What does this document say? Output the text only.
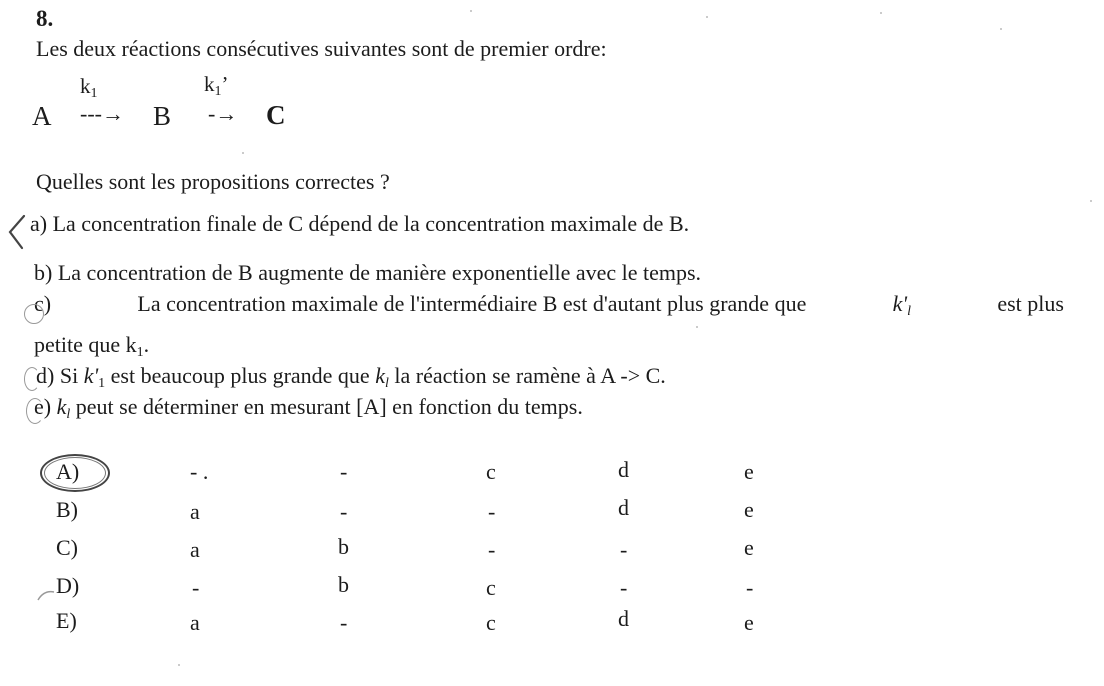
8.
Les deux réactions consécutives suivantes sont de premier ordre:
$k_1$	$k_1$’
A ---→ B -→ C
Quelles sont les propositions correctes ?
a) La concentration finale de C dépend de la concentration maximale de B.
b) La concentration de B augmente de manière exponentielle avec le temps.
c)	La concentration maximale de l'intermédiaire B est d'autant plus grande que	$k'_l$	est plus
petite que $k_1$.
d) Si $k'_1$ est beaucoup plus grande que $k_l$ la réaction se ramène à A -> C.
e) $k_l$ peut se déterminer en mesurant [A] en fonction du temps.
A)	- .	-	c	d	e
B)	a	-	-	d	e
C)	a	b	-	-	e
D)	-	b	c	-	-
E)	a	-	c	d	e
